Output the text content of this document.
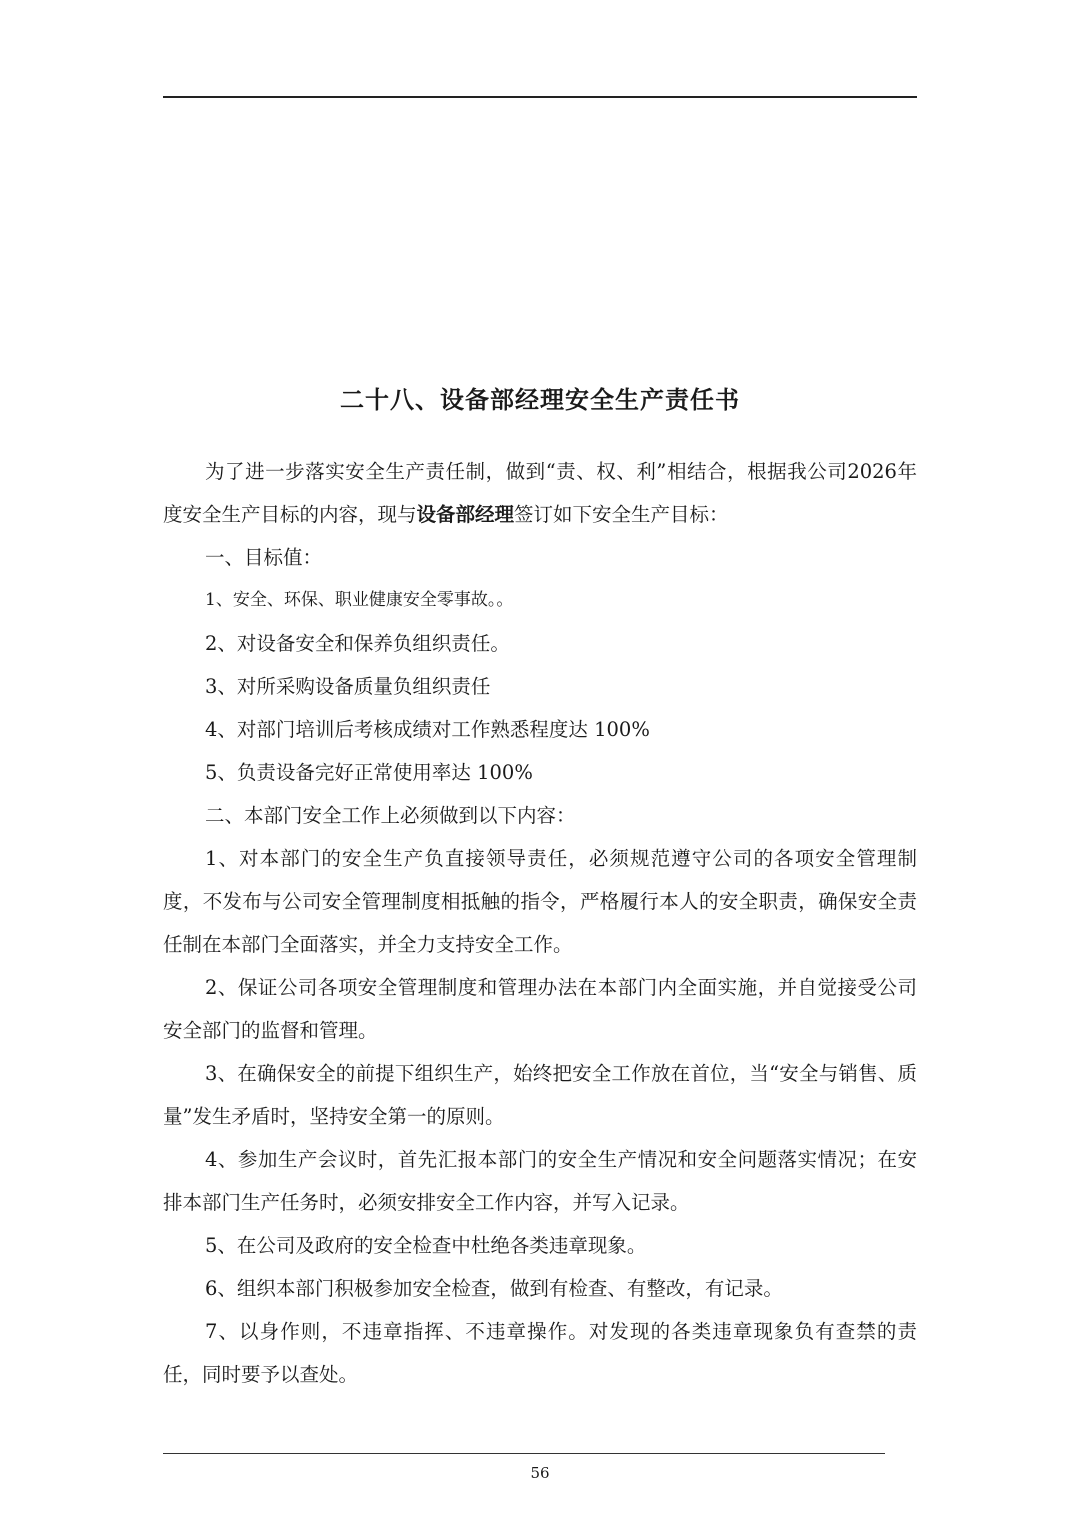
二十八、设备部经理安全生产责任书

为了进一步落实安全生产责任制，做到“责、权、利”相结合，根据我公司2026年度安全生产目标的内容，现与设备部经理签订如下安全生产目标：

一、目标值：

1、安全、环保、职业健康安全零事故。。

2、对设备安全和保养负组织责任。

3、对所采购设备质量负组织责任

4、对部门培训后考核成绩对工作熟悉程度达 100%

5、负责设备完好正常使用率达 100%

二、本部门安全工作上必须做到以下内容：

1、对本部门的安全生产负直接领导责任，必须规范遵守公司的各项安全管理制度，不发布与公司安全管理制度相抵触的指令，严格履行本人的安全职责，确保安全责任制在本部门全面落实，并全力支持安全工作。

2、保证公司各项安全管理制度和管理办法在本部门内全面实施，并自觉接受公司安全部门的监督和管理。

3、在确保安全的前提下组织生产，始终把安全工作放在首位，当“安全与销售、质量”发生矛盾时，坚持安全第一的原则。

4、参加生产会议时，首先汇报本部门的安全生产情况和安全问题落实情况；在安排本部门生产任务时，必须安排安全工作内容，并写入记录。

5、在公司及政府的安全检查中杜绝各类违章现象。

6、组织本部门积极参加安全检查，做到有检查、有整改，有记录。

7、以身作则，不违章指挥、不违章操作。对发现的各类违章现象负有查禁的责任，同时要予以查处。

56
